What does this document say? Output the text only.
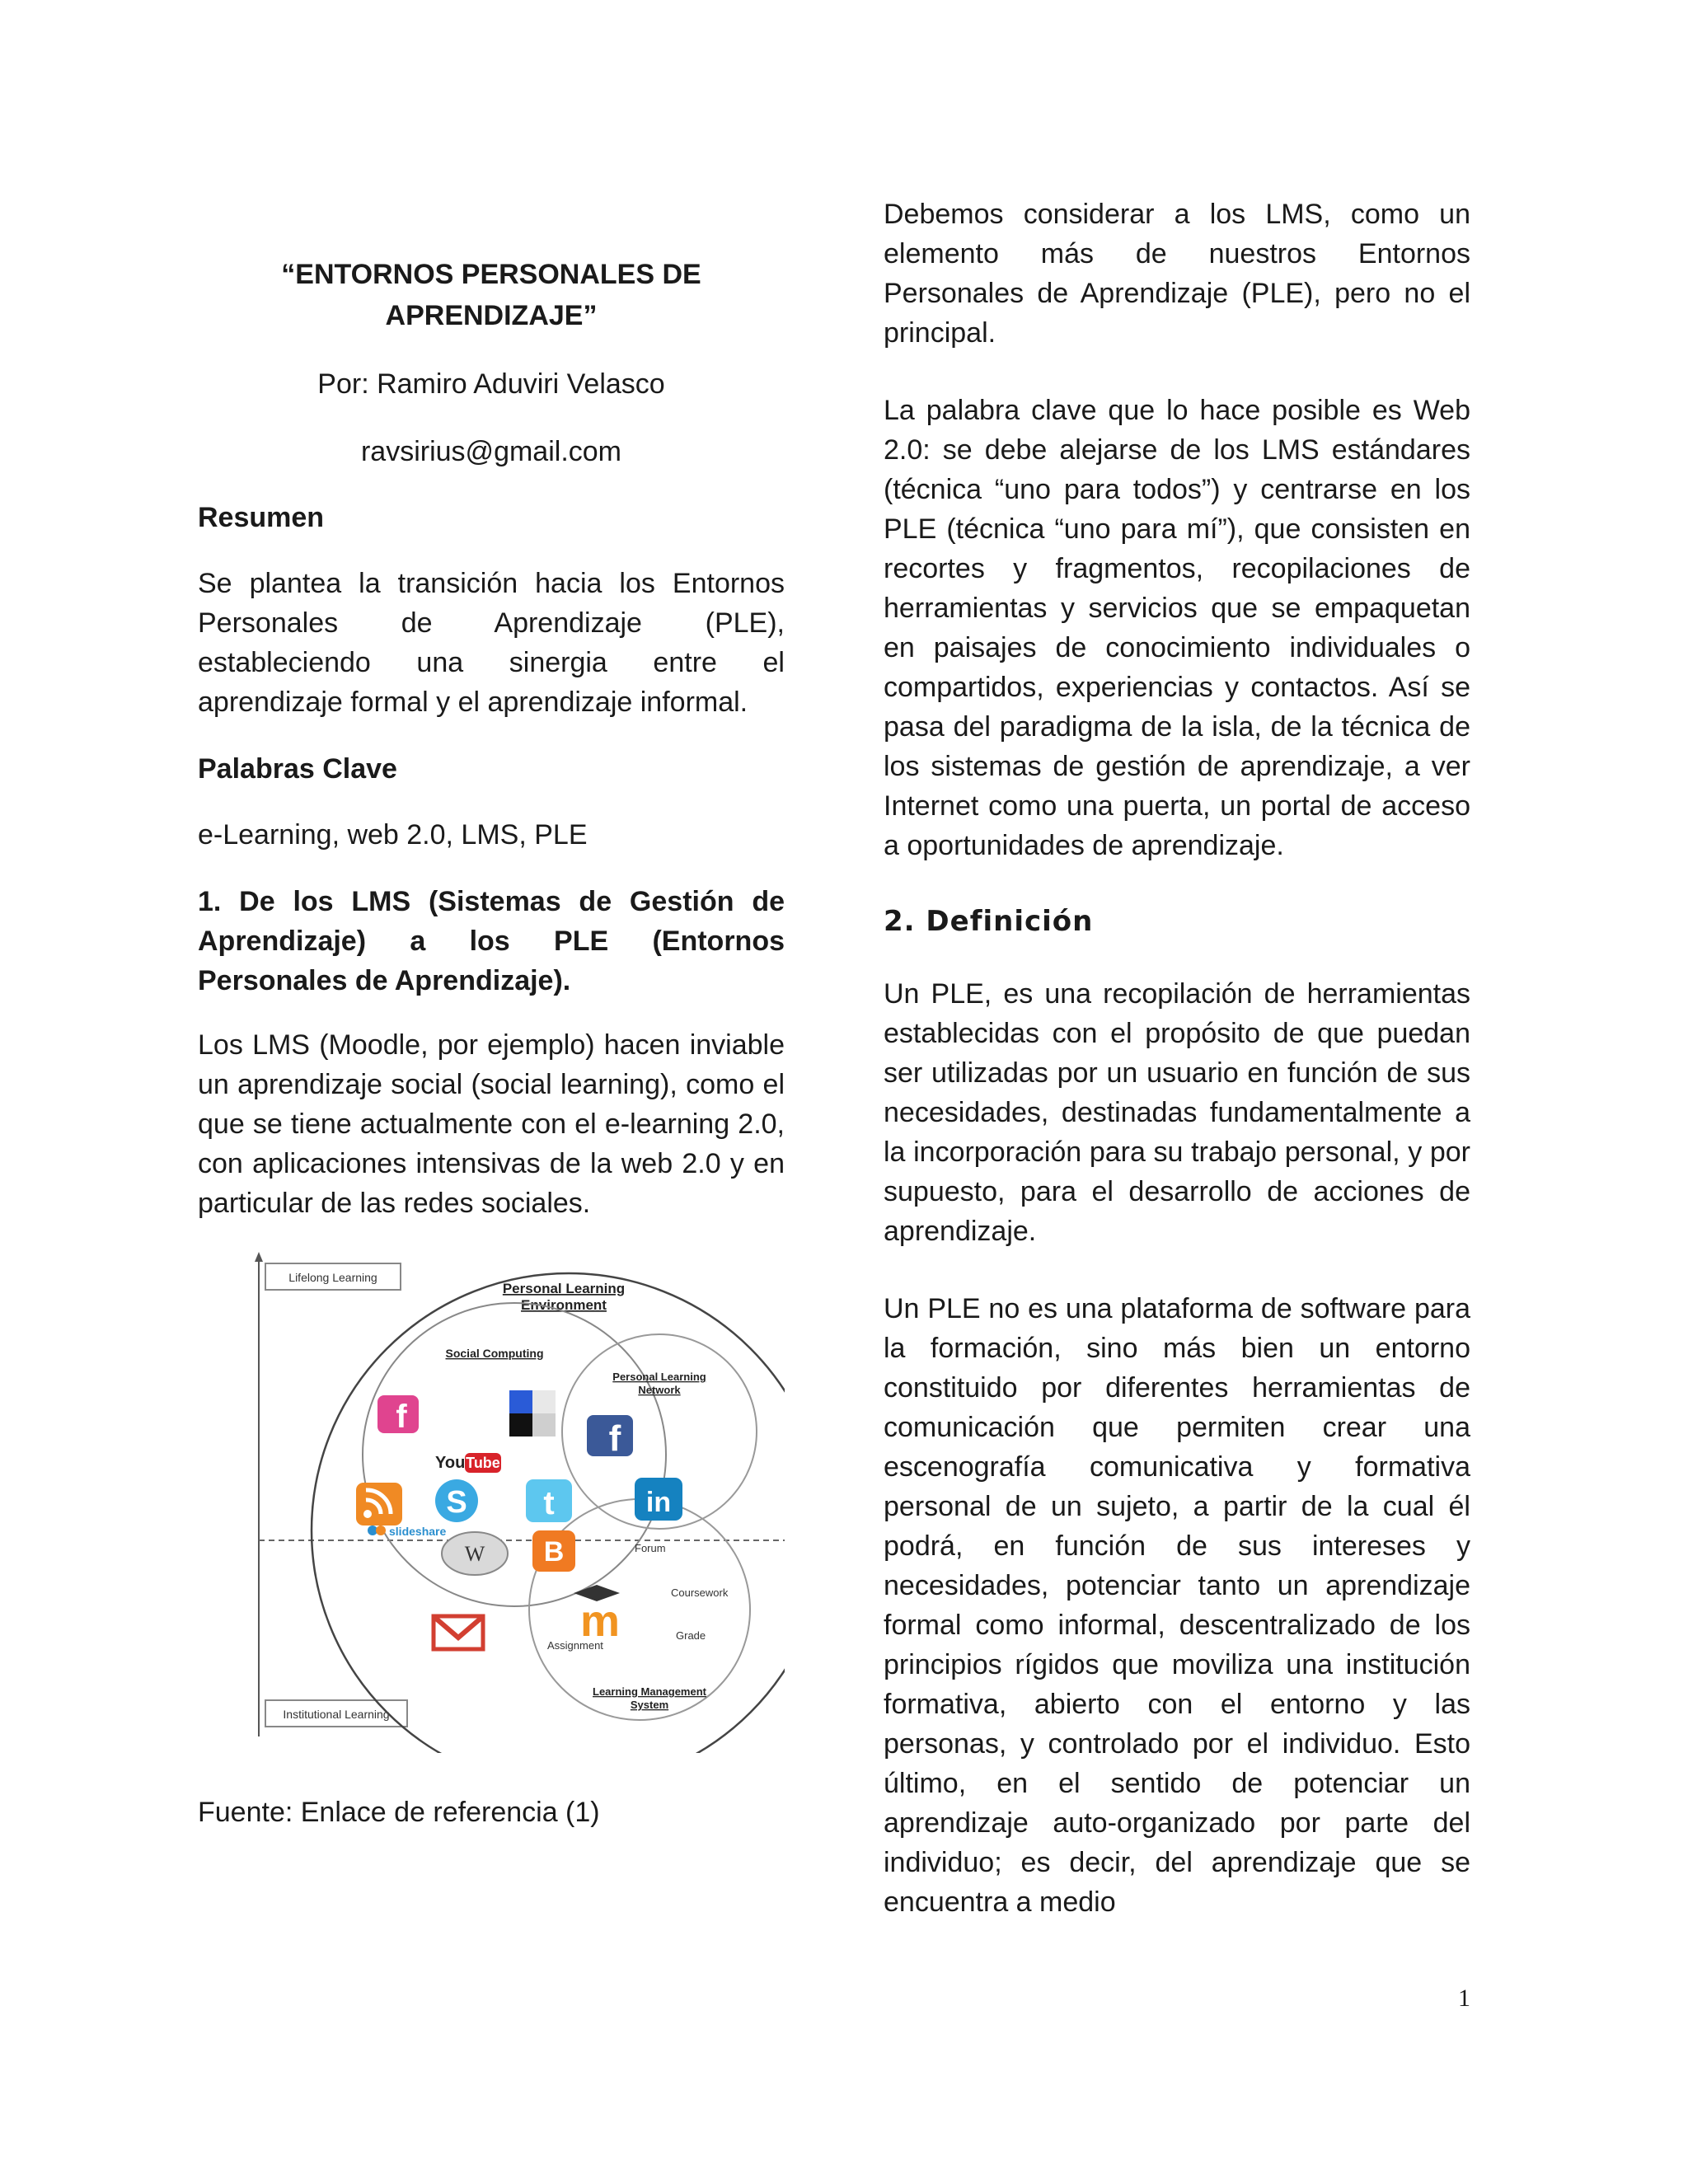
“ENTORNOS PERSONALES DE
APRENDIZAJE”
Por: Ramiro Aduviri Velasco
ravsirius@gmail.com
Resumen

Se plantea la transición hacia los Entornos Personales de Aprendizaje (PLE), estableciendo una sinergia entre el aprendizaje formal y el aprendizaje informal.

Palabras Clave

e-Learning, web 2.0, LMS, PLE

1. De los LMS (Sistemas de Gestión de Aprendizaje) a los PLE (Entornos Personales de Aprendizaje).

Los LMS (Moodle, por ejemplo) hacen inviable un aprendizaje social (social learning), como el que se tiene actualmente con el e-learning 2.0, con aplicaciones intensivas de la web 2.0 y en particular de las redes sociales.

Lifelong Learning
Institutional Learning
Personal Learning
Environment
Social Computing
Personal Learning
Network
Learning Management
System
Forum
Coursework
Grade
Assignment
f
You Tube
f
S t	in
slideshare
W B
m
Fuente: Enlace de referencia (1)

Debemos considerar a los LMS, como un elemento más de nuestros Entornos Personales de Aprendizaje (PLE), pero no el principal.

La palabra clave que lo hace posible es Web 2.0: se debe alejarse de los LMS estándares (técnica “uno para todos”) y centrarse en los PLE (técnica “uno para mí”), que consisten en recortes y fragmentos, recopilaciones de herramientas y servicios que se empaquetan en paisajes de conocimiento individuales o compartidos, experiencias y contactos. Así se pasa del paradigma de la isla, de la técnica de los sistemas de gestión de aprendizaje, a ver Internet como una puerta, un portal de acceso a oportunidades de aprendizaje.

2. Definición

Un PLE, es una recopilación de herramientas establecidas con el propósito de que puedan ser utilizadas por un usuario en función de sus necesidades, destinadas fundamentalmente a la incorporación para su trabajo personal, y por supuesto, para el desarrollo de acciones de aprendizaje.

Un PLE no es una plataforma de software para la formación, sino más bien un entorno constituido por diferentes herramientas de comunicación que permiten crear una escenografía comunicativa y formativa personal de un sujeto, a partir de la cual él podrá, en función de sus intereses y necesidades, potenciar tanto un aprendizaje formal como informal, descentralizado de los principios rígidos que moviliza una institución formativa, abierto con el entorno y las personas, y controlado por el individuo. Esto último, en el sentido de potenciar un aprendizaje auto-organizado por parte del individuo; es decir, del aprendizaje que se encuentra a medio

1
